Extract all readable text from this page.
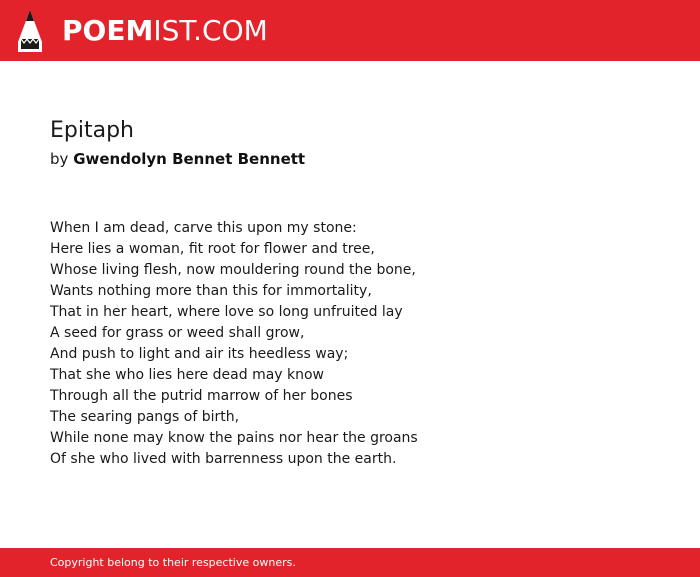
POEMIST.COM
Epitaph
by Gwendolyn Bennet Bennett
When I am dead, carve this upon my stone:
Here lies a woman, fit root for flower and tree,
Whose living flesh, now mouldering round the bone,
Wants nothing more than this for immortality,
That in her heart, where love so long unfruited lay
A seed for grass or weed shall grow,
And push to light and air its heedless way;
That she who lies here dead may know
Through all the putrid marrow of her bones
The searing pangs of birth,
While none may know the pains nor hear the groans
Of she who lived with barrenness upon the earth.
Copyright belong to their respective owners.
